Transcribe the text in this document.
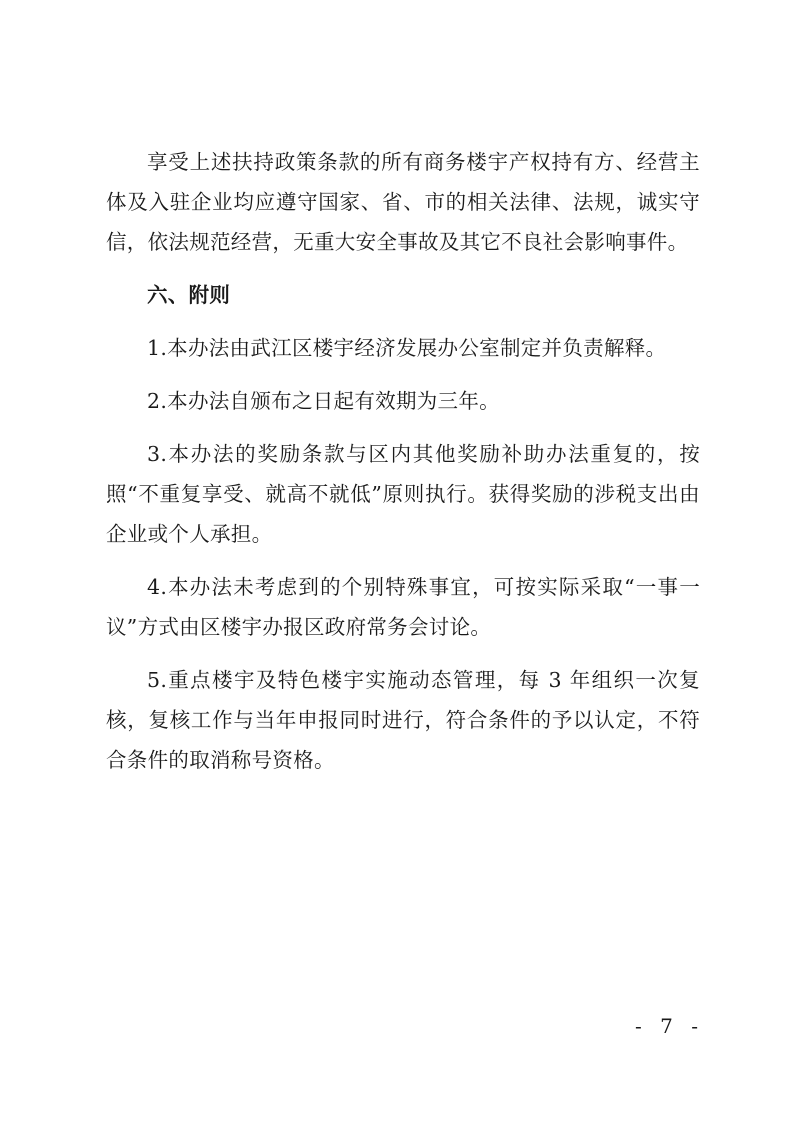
享受上述扶持政策条款的所有商务楼宇产权持有方、经营主体及入驻企业均应遵守国家、省、市的相关法律、法规，诚实守信，依法规范经营，无重大安全事故及其它不良社会影响事件。

六、附则

1.本办法由武江区楼宇经济发展办公室制定并负责解释。

2.本办法自颁布之日起有效期为三年。

3.本办法的奖励条款与区内其他奖励补助办法重复的，按照“不重复享受、就高不就低”原则执行。获得奖励的涉税支出由企业或个人承担。

4.本办法未考虑到的个别特殊事宜，可按实际采取“一事一议”方式由区楼宇办报区政府常务会讨论。

5.重点楼宇及特色楼宇实施动态管理，每 3 年组织一次复核，复核工作与当年申报同时进行，符合条件的予以认定，不符合条件的取消称号资格。

- 7 -
